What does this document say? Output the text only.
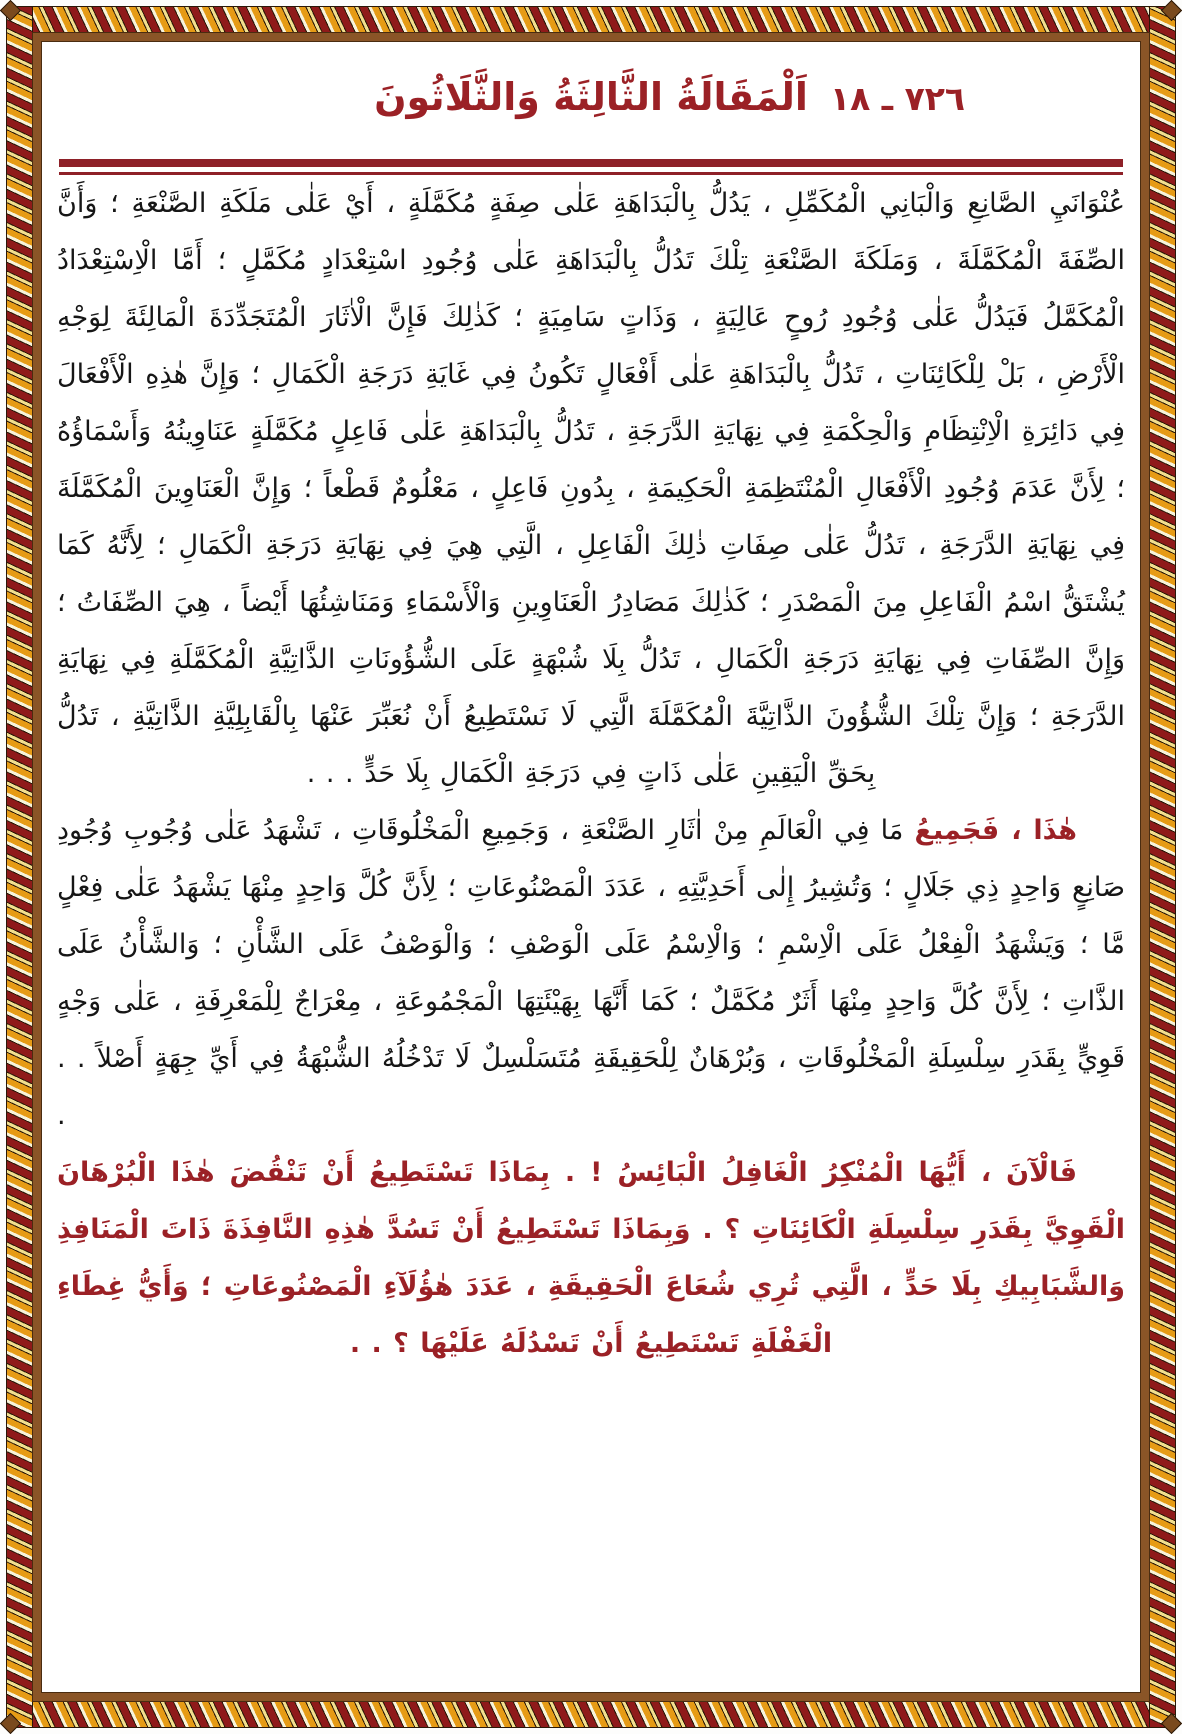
٧٢٦ ـ ١٨
اَلْمَقَالَةُ الثَّالِثَةُ وَالثَّلَاثُونَ

عُنْوَانَيِ الصَّانِعِ وَالْبَانِي الْمُكَمِّلِ ، يَدُلُّ بِالْبَدَاهَةِ عَلٰى صِفَةٍ مُكَمَّلَةٍ ، أَيْ عَلٰى مَلَكَةِ الصَّنْعَةِ ؛ وَأَنَّ الصِّفَةَ الْمُكَمَّلَةَ ، وَمَلَكَةَ الصَّنْعَةِ تِلْكَ تَدُلُّ بِالْبَدَاهَةِ عَلٰى وُجُودِ اسْتِعْدَادٍ مُكَمَّلٍ ؛ أَمَّا الْاِسْتِعْدَادُ الْمُكَمَّلُ فَيَدُلُّ عَلٰى وُجُودِ رُوحٍ عَالِيَةٍ ، وَذَاتٍ سَامِيَةٍ ؛ كَذٰلِكَ فَإِنَّ الْاٰثَارَ الْمُتَجَدِّدَةَ الْمَالِئَةَ لِوَجْهِ الْأَرْضِ ، بَلْ لِلْكَائِنَاتِ ، تَدُلُّ بِالْبَدَاهَةِ عَلٰى أَفْعَالٍ تَكُونُ فِي غَايَةِ دَرَجَةِ الْكَمَالِ ؛ وَإِنَّ هٰذِهِ الْأَفْعَالَ فِي دَائِرَةِ الْاِنْتِظَامِ وَالْحِكْمَةِ فِي نِهَايَةِ الدَّرَجَةِ ، تَدُلُّ بِالْبَدَاهَةِ عَلٰى فَاعِلٍ مُكَمَّلَةٍ عَنَاوِينُهُ وَأَسْمَاؤُهُ ؛ لِأَنَّ عَدَمَ وُجُودِ الْأَفْعَالِ الْمُنْتَظِمَةِ الْحَكِيمَةِ ، بِدُونِ فَاعِلٍ ، مَعْلُومٌ قَطْعاً ؛ وَإِنَّ الْعَنَاوِينَ الْمُكَمَّلَةَ فِي نِهَايَةِ الدَّرَجَةِ ، تَدُلُّ عَلٰى صِفَاتِ ذٰلِكَ الْفَاعِلِ ، الَّتِي هِيَ فِي نِهَايَةِ دَرَجَةِ الْكَمَالِ ؛ لِأَنَّهُ كَمَا يُشْتَقُّ اسْمُ الْفَاعِلِ مِنَ الْمَصْدَرِ ؛ كَذٰلِكَ مَصَادِرُ الْعَنَاوِينِ وَالْأَسْمَاءِ وَمَنَاشِئُهَا أَيْضاً ، هِيَ الصِّفَاتُ ؛ وَإِنَّ الصِّفَاتِ فِي نِهَايَةِ دَرَجَةِ الْكَمَالِ ، تَدُلُّ بِلَا شُبْهَةٍ عَلَى الشُّؤُونَاتِ الذَّاتِيَّةِ الْمُكَمَّلَةِ فِي نِهَايَةِ الدَّرَجَةِ ؛ وَإِنَّ تِلْكَ الشُّؤُونَ الذَّاتِيَّةَ الْمُكَمَّلَةَ الَّتِي لَا نَسْتَطِيعُ أَنْ نُعَبِّرَ عَنْهَا بِالْقَابِلِيَّةِ الذَّاتِيَّةِ ، تَدُلُّ بِحَقِّ الْيَقِينِ عَلٰى ذَاتٍ فِي دَرَجَةِ الْكَمَالِ بِلَا حَدٍّ . . .

هٰذَا ، فَجَمِيعُ مَا فِي الْعَالَمِ مِنْ اٰثَارِ الصَّنْعَةِ ، وَجَمِيعِ الْمَخْلُوقَاتِ ، تَشْهَدُ عَلٰى وُجُوبِ وُجُودِ صَانِعٍ وَاحِدٍ ذِي جَلَالٍ ؛ وَتُشِيرُ إِلٰى أَحَدِيَّتِهِ ، عَدَدَ الْمَصْنُوعَاتِ ؛ لِأَنَّ كُلَّ وَاحِدٍ مِنْهَا يَشْهَدُ عَلٰى فِعْلٍ مَّا ؛ وَيَشْهَدُ الْفِعْلُ عَلَى الْاِسْمِ ؛ وَالْاِسْمُ عَلَى الْوَصْفِ ؛ وَالْوَصْفُ عَلَى الشَّأْنِ ؛ وَالشَّأْنُ عَلَى الذَّاتِ ؛ لِأَنَّ كُلَّ وَاحِدٍ مِنْهَا أَثَرٌ مُكَمَّلٌ ؛ كَمَا أَنَّهَا بِهَيْئَتِهَا الْمَجْمُوعَةِ ، مِعْرَاجٌ لِلْمَعْرِفَةِ ، عَلٰى وَجْهٍ قَوِيٍّ بِقَدَرِ سِلْسِلَةِ الْمَخْلُوقَاتِ ، وَبُرْهَانٌ لِلْحَقِيقَةِ مُتَسَلْسِلٌ لَا تَدْخُلُهُ الشُّبْهَةُ فِي أَيِّ جِهَةٍ أَصْلاً . . .

فَالْآنَ ، أَيُّهَا الْمُنْكِرُ الْغَافِلُ الْبَائِسُ ! . بِمَاذَا تَسْتَطِيعُ أَنْ تَنْقُضَ هٰذَا الْبُرْهَانَ الْقَوِيَّ بِقَدَرِ سِلْسِلَةِ الْكَائِنَاتِ ؟ . وَبِمَاذَا تَسْتَطِيعُ أَنْ تَسُدَّ هٰذِهِ النَّافِذَةَ ذَاتَ الْمَنَافِذِ وَالشَّبَابِيكِ بِلَا حَدٍّ ، الَّتِي تُرِي شُعَاعَ الْحَقِيقَةِ ، عَدَدَ هٰؤُلَآءِ الْمَصْنُوعَاتِ ؛ وَأَيُّ غِطَاءِ الْغَفْلَةِ تَسْتَطِيعُ أَنْ تَسْدُلَهُ عَلَيْهَا ؟ . .
